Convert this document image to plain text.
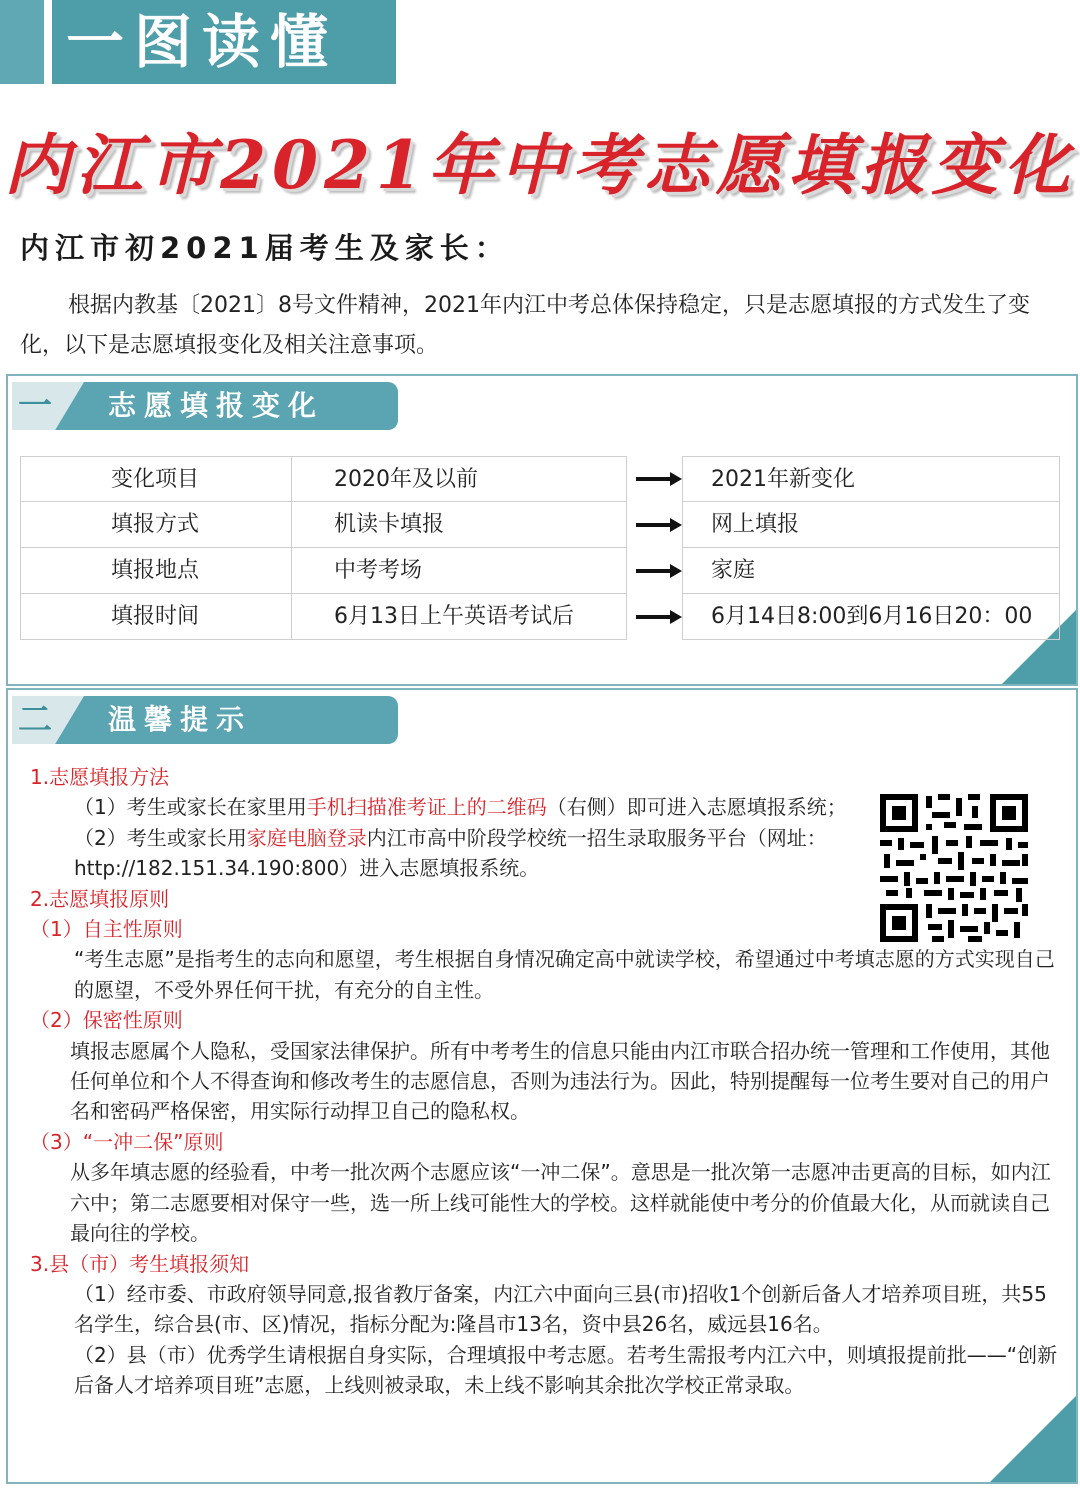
一图读懂
内江市2021年中考志愿填报变化
内江市初2021届考生及家长：
根据内教基〔2021〕8号文件精神，2021年内江中考总体保持稳定，只是志愿填报的方式发生了变化，以下是志愿填报变化及相关注意事项。
一 志愿填报变化
变化项目	2020年及以前	2021年新变化
填报方式	机读卡填报	网上填报
填报地点	中考考场	家庭
填报时间	6月13日上午英语考试后	6月14日8:00到6月16日20：00
二 温馨提示

1.志愿填报方法

（1）考生或家长在家里用手机扫描准考证上的二维码（右侧）即可进入志愿填报系统；

（2）考生或家长用家庭电脑登录内江市高中阶段学校统一招生录取服务平台（网址：http://182.151.34.190:800）进入志愿填报系统。

2.志愿填报原则

（1）自主性原则

“考生志愿”是指考生的志向和愿望，考生根据自身情况确定高中就读学校，希望通过中考填志愿的方式实现自己的愿望，不受外界任何干扰，有充分的自主性。

（2）保密性原则

填报志愿属个人隐私，受国家法律保护。所有中考考生的信息只能由内江市联合招办统一管理和工作使用，其他任何单位和个人不得查询和修改考生的志愿信息，否则为违法行为。因此，特别提醒每一位考生要对自己的用户名和密码严格保密，用实际行动捍卫自己的隐私权。

（3）“一冲二保”原则

从多年填志愿的经验看，中考一批次两个志愿应该“一冲二保”。意思是一批次第一志愿冲击更高的目标，如内江六中；第二志愿要相对保守一些，选一所上线可能性大的学校。这样就能使中考分的价值最大化，从而就读自己最向往的学校。

3.县（市）考生填报须知

（1）经市委、市政府领导同意,报省教厅备案，内江六中面向三县(市)招收1个创新后备人才培养项目班，共55名学生，综合县(市、区)情况，指标分配为:隆昌市13名，资中县26名，威远县16名。

（2）县（市）优秀学生请根据自身实际，合理填报中考志愿。若考生需报考内江六中，则填报提前批——“创新后备人才培养项目班”志愿，上线则被录取，未上线不影响其余批次学校正常录取。
